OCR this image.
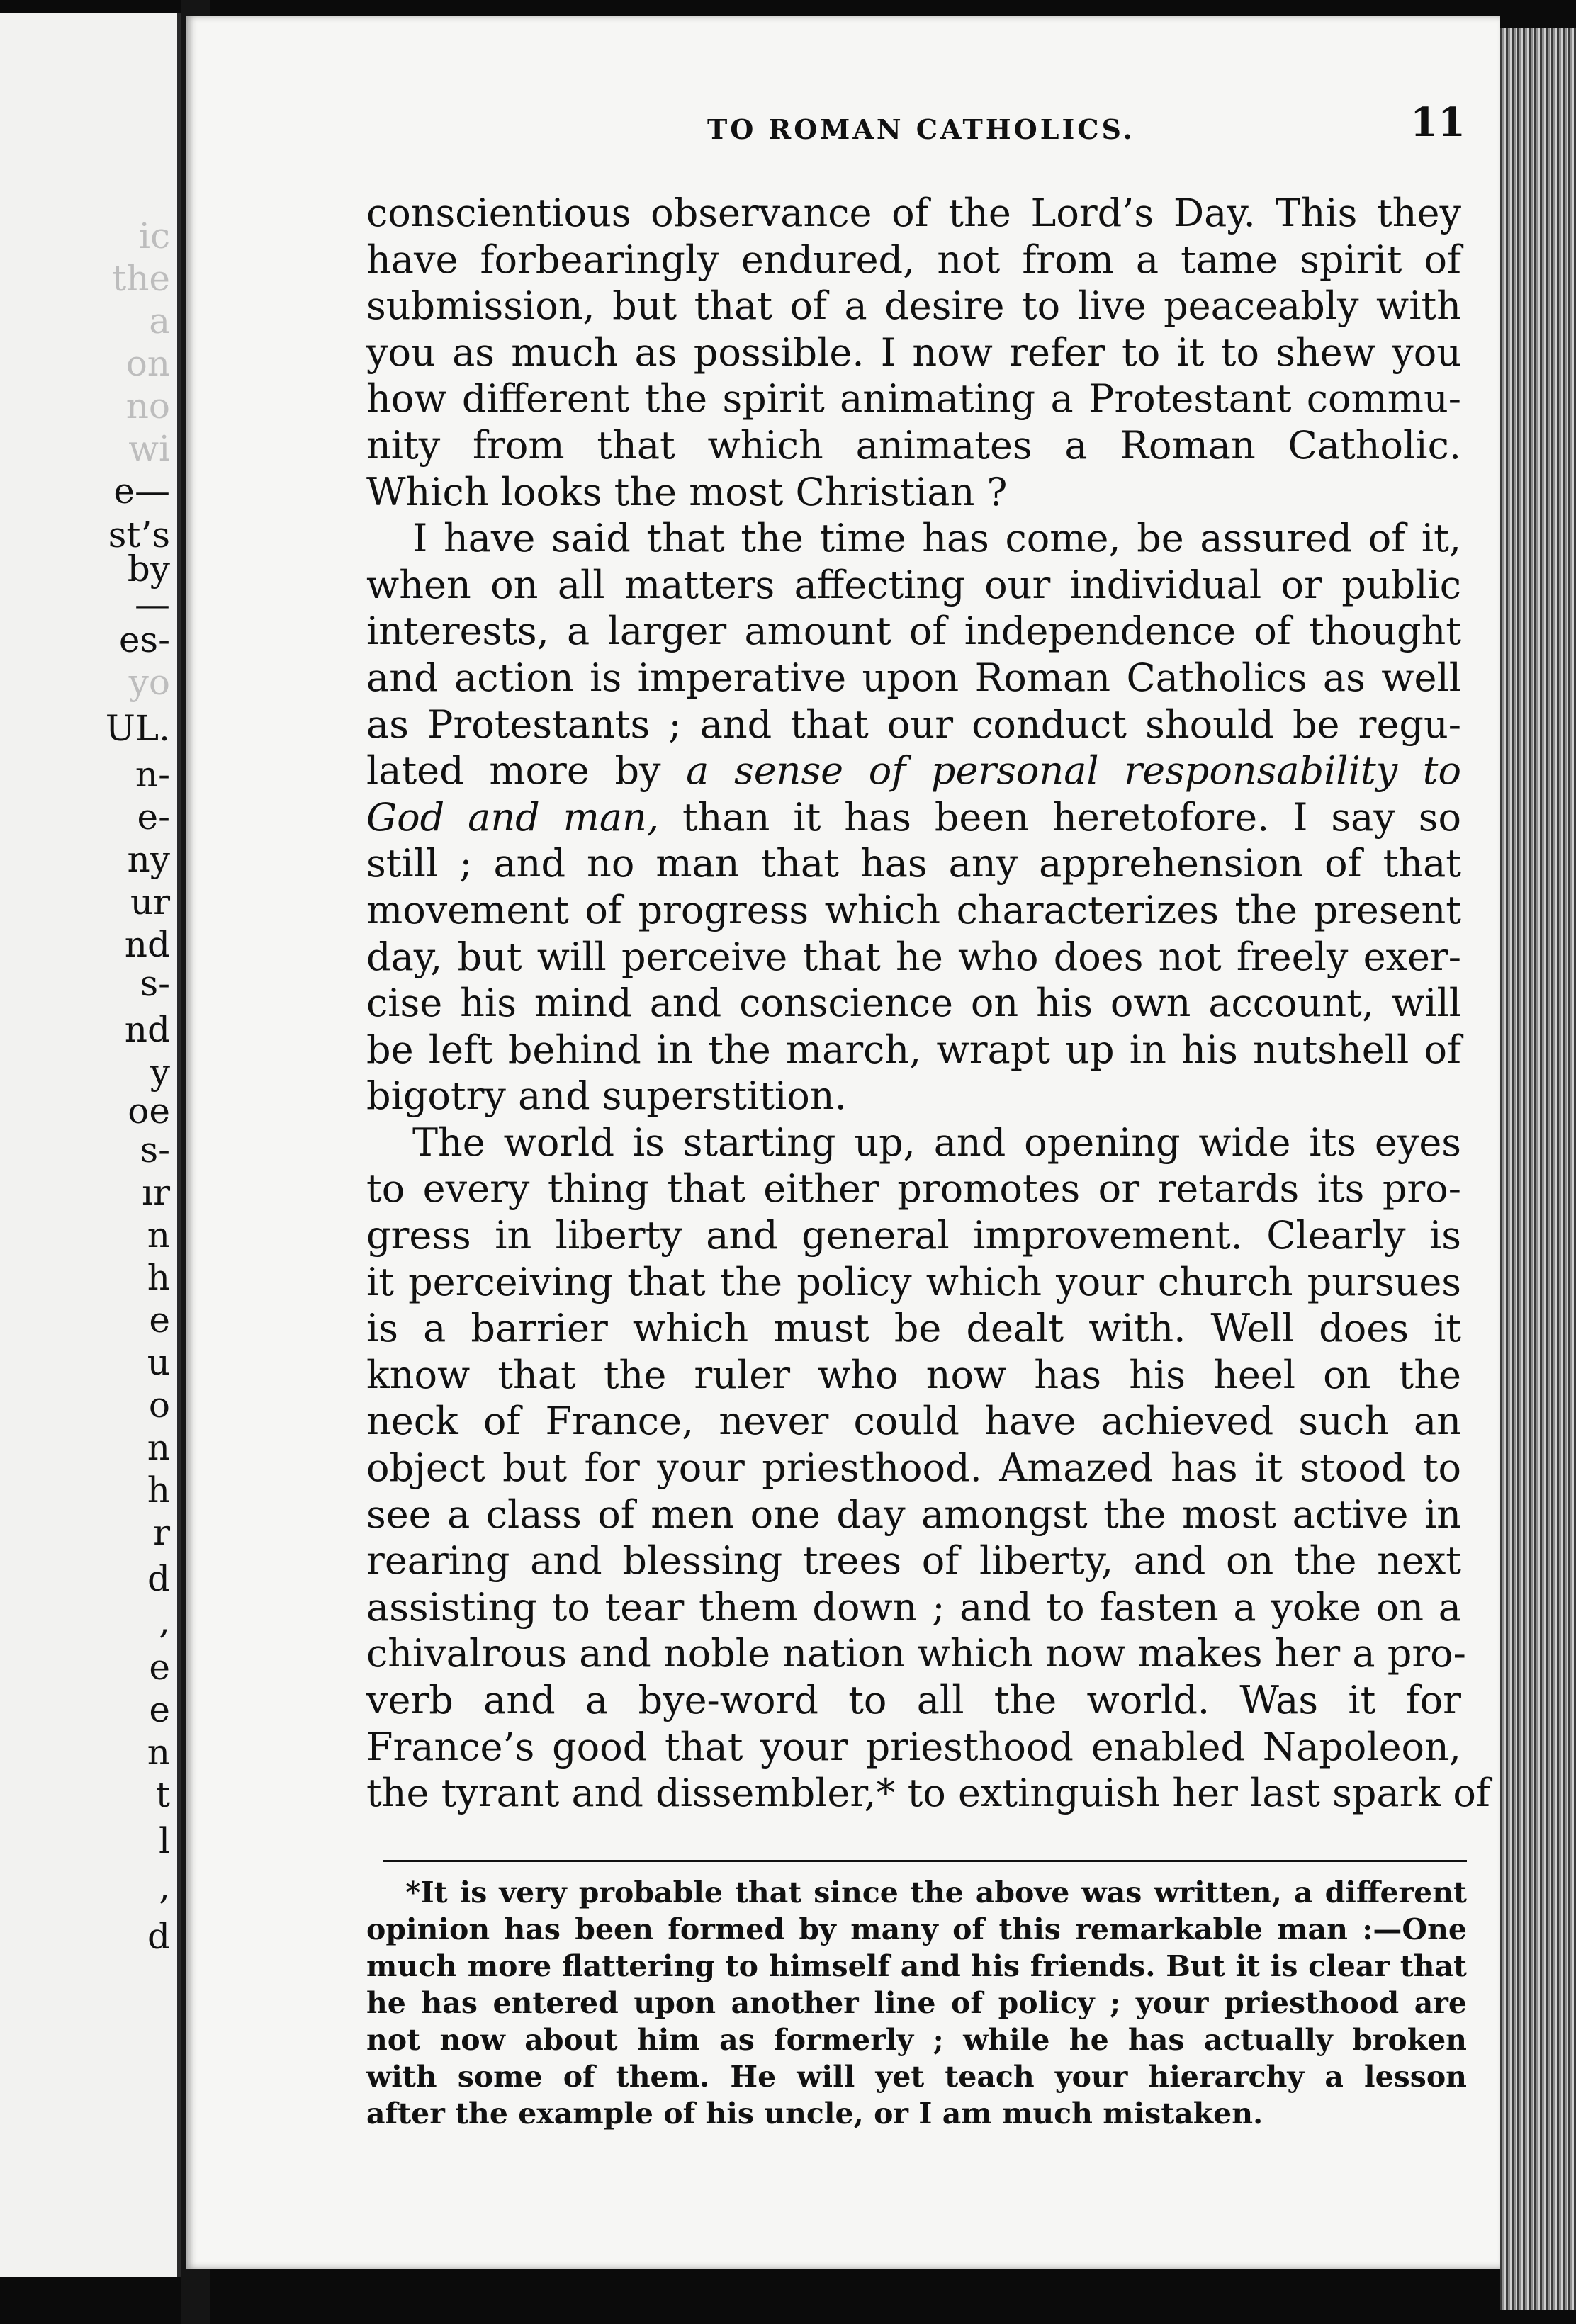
ic
the
a
on
no
wi
e—
st’s
by
—
es-
yo
UL.
n-
e-
ny
ur
nd
s-
nd
y
oe
s-
ır
n
h
e
u
o
n
h
r
d
,
e
e
n
t
l
,
d
TO ROMAN CATHOLICS.	11
conscientious observance of the Lord’s Day. This they
have forbearingly endured, not from a tame spirit of
submission, but that of a desire to live peaceably with
you as much as possible. I now refer to it to shew you
how different the spirit animating a Protestant commu-
nity from that which animates a Roman Catholic.
Which looks the most Christian ?
I have said that the time has come, be assured of it,
when on all matters affecting our individual or public
interests, a larger amount of independence of thought
and action is imperative upon Roman Catholics as well
as Protestants ; and that our conduct should be regu-
lated more by a sense of personal responsability to
God and man, than it has been heretofore. I say so
still ; and no man that has any apprehension of that
movement of progress which characterizes the present
day, but will perceive that he who does not freely exer-
cise his mind and conscience on his own account, will
be left behind in the march, wrapt up in his nutshell of
bigotry and superstition.
The world is starting up, and opening wide its eyes
to every thing that either promotes or retards its pro-
gress in liberty and general improvement. Clearly is
it perceiving that the policy which your church pursues
is a barrier which must be dealt with. Well does it
know that the ruler who now has his heel on the
neck of France, never could have achieved such an
object but for your priesthood. Amazed has it stood to
see a class of men one day amongst the most active in
rearing and blessing trees of liberty, and on the next
assisting to tear them down ; and to fasten a yoke on a
chivalrous and noble nation which now makes her a pro-
verb and a bye-word to all the world. Was it for
France’s good that your priesthood enabled Napoleon,
the tyrant and dissembler,* to extinguish her last spark of
*It is very probable that since the above was written, a different
opinion has been formed by many of this remarkable man :—One
much more flattering to himself and his friends. But it is clear that
he has entered upon another line of policy ; your priesthood are
not now about him as formerly ; while he has actually broken
with some of them. He will yet teach your hierarchy a lesson
after the example of his uncle, or I am much mistaken.
